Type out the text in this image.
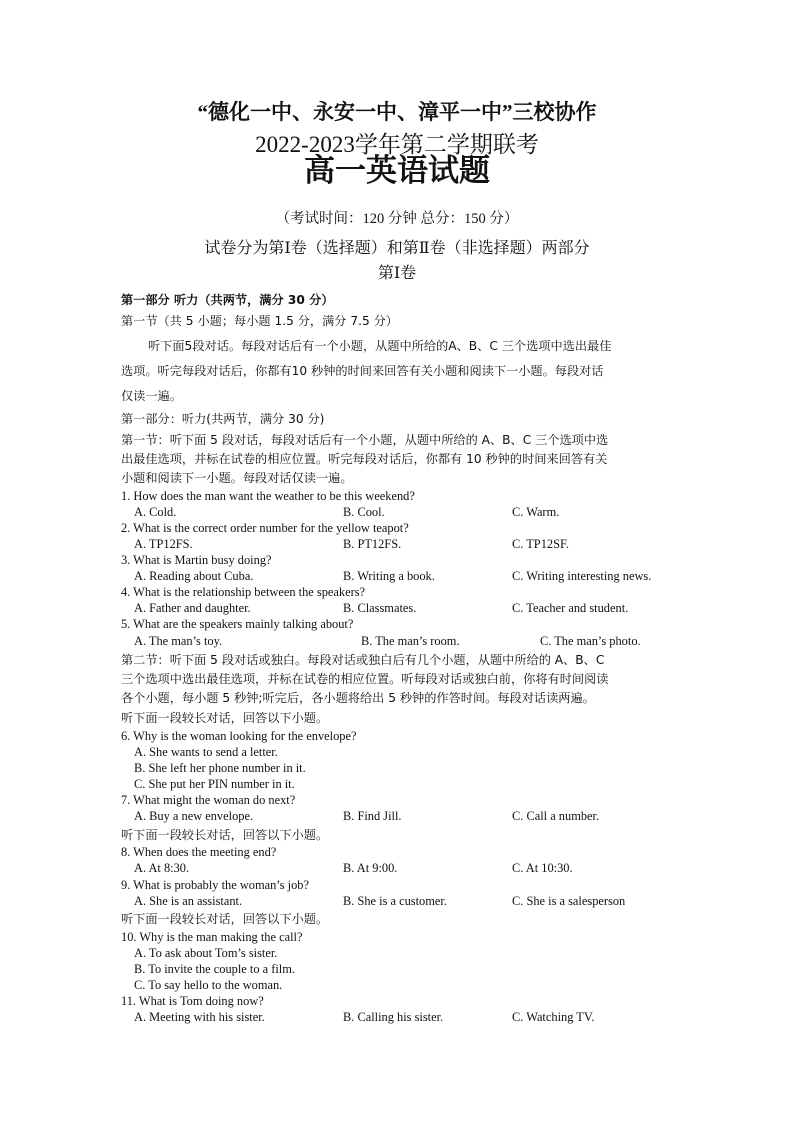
“德化一中、永安一中、漳平一中”三校协作
2022-2023学年第二学期联考
高一英语试题
（考试时间：120 分钟 总分：150 分）
试卷分为第Ⅰ卷（选择题）和第Ⅱ卷（非选择题）两部分
第Ⅰ卷
第一部分 听力（共两节，满分 30 分）
第一节（共 5 小题；每小题 1.5 分，满分 7.5 分）
听下面5段对话。每段对话后有一个小题，从题中所给的A、B、C 三个选项中选出最佳
选项。听完每段对话后，你都有10 秒钟的时间来回答有关小题和阅读下一小题。每段对话
仅读一遍。
第一部分：听力(共两节，满分 30 分)
第一节：听下面 5 段对话，每段对话后有一个小题，从题中所给的 A、B、C 三个选项中选
出最佳选项，并标在试卷的相应位置。听完每段对话后，你都有 10 秒钟的时间来回答有关
小题和阅读下一小题。每段对话仅读一遍。
1. How does the man want the weather to be this weekend?
A. Cold.	B. Cool.	C. Warm.
2. What is the correct order number for the yellow teapot?
A. TP12FS.	B. PT12FS.	C. TP12SF.
3. What is Martin busy doing?
A. Reading about Cuba.	B. Writing a book.	C. Writing interesting news.
4. What is the relationship between the speakers?
A. Father and daughter.	B. Classmates.	C. Teacher and student.
5. What are the speakers mainly talking about?
A. The man’s toy.	B. The man’s room.	C. The man’s photo.
第二节：听下面 5 段对话或独白。每段对话或独白后有几个小题，从题中所给的 A、B、C
三个选项中选出最佳选项，并标在试卷的相应位置。听每段对话或独白前，你将有时间阅读
各个小题，每小题 5 秒钟;听完后，各小题将给出 5 秒钟的作答时间。每段对话读两遍。
听下面一段较长对话，回答以下小题。
6. Why is the woman looking for the envelope?
A. She wants to send a letter.
B. She left her phone number in it.
C. She put her PIN number in it.
7. What might the woman do next?
A. Buy a new envelope.	B. Find Jill.	C. Call a number.
听下面一段较长对话，回答以下小题。
8. When does the meeting end?
A. At 8:30.	B. At 9:00.	C. At 10:30.
9. What is probably the woman’s job?
A. She is an assistant.	B. She is a customer.	C. She is a salesperson
听下面一段较长对话，回答以下小题。
10. Why is the man making the call?
A. To ask about Tom’s sister.
B. To invite the couple to a film.
C. To say hello to the woman.
11. What is Tom doing now?
A. Meeting with his sister.	B. Calling his sister.	C. Watching TV.
